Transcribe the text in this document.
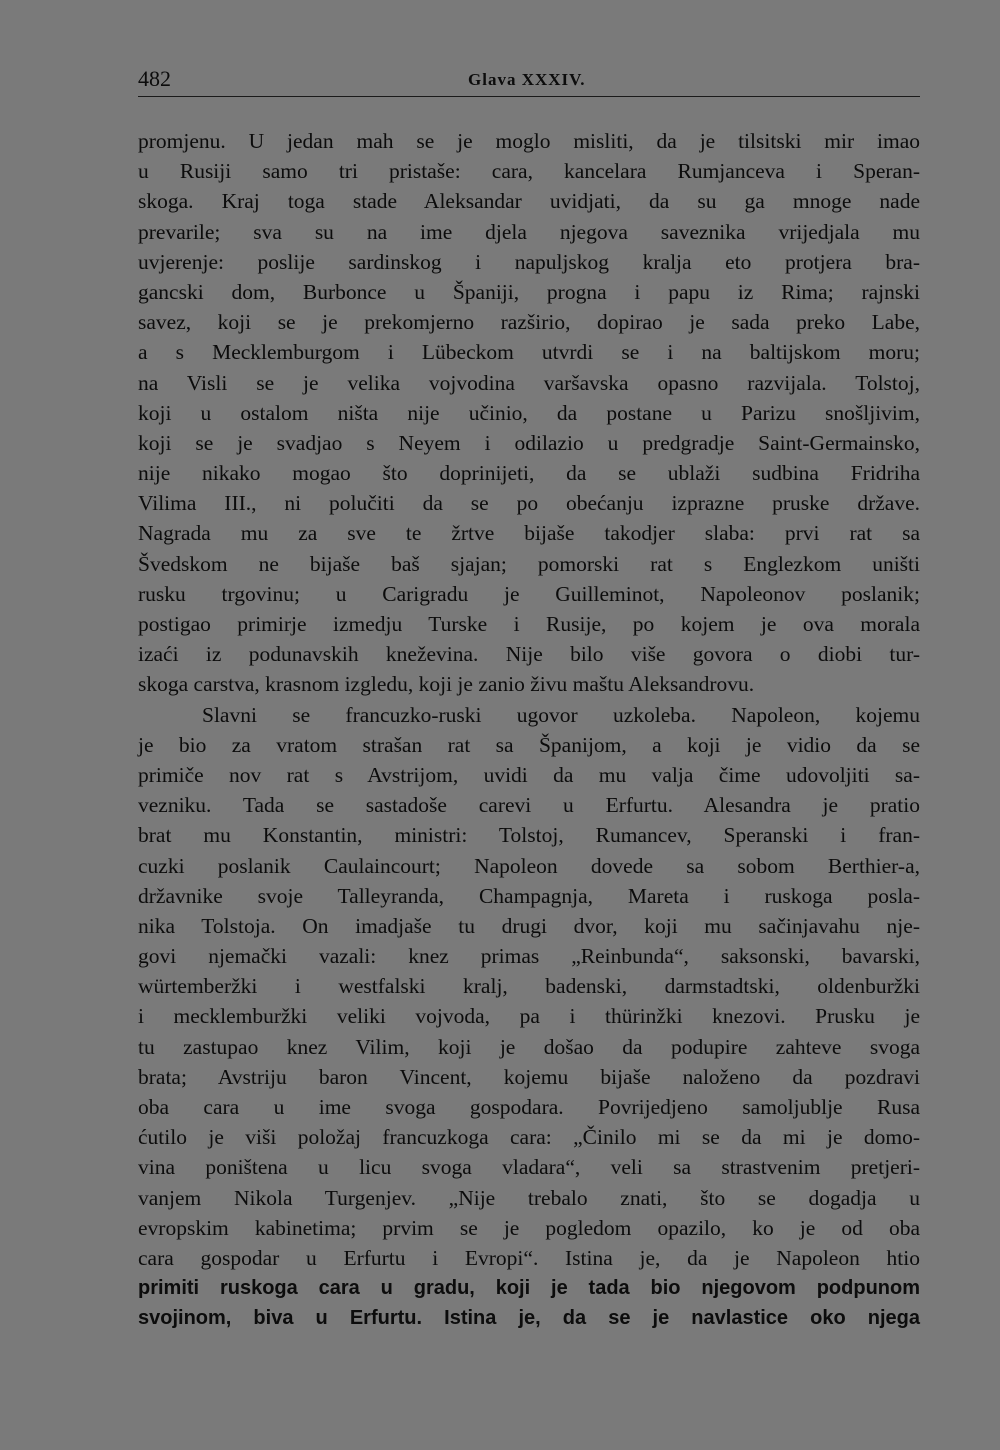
482	Glava XXXIV.
promjenu. U jedan mah se je moglo misliti, da je tilsitski mir imao
u Rusiji samo tri pristaše: cara, kancelara Rumjanceva i Speran-
skoga. Kraj toga stade Aleksandar uvidjati, da su ga mnoge nade
prevarile; sva su na ime djela njegova saveznika vrijedjala mu
uvjerenje: poslije sardinskog i napuljskog kralja eto protjera bra-
gancski dom, Burbonce u Španiji, progna i papu iz Rima; rajnski
savez, koji se je prekomjerno razširio, dopirao je sada preko Labe,
a s Mecklemburgom i Lübeckom utvrdi se i na baltijskom moru;
na Visli se je velika vojvodina varšavska opasno razvijala. Tolstoj,
koji u ostalom ništa nije učinio, da postane u Parizu snošljivim,
koji se je svadjao s Neyem i odilazio u predgradje Saint-Germainsko,
nije nikako mogao što doprinijeti, da se ublaži sudbina Fridriha
Vilima III., ni polučiti da se po obećanju izprazne pruske države.
Nagrada mu za sve te žrtve bijaše takodjer slaba: prvi rat sa
Švedskom ne bijaše baš sjajan; pomorski rat s Englezkom uništi
rusku trgovinu; u Carigradu je Guilleminot, Napoleonov poslanik;
postigao primirje izmedju Turske i Rusije, po kojem je ova morala
izaći iz podunavskih kneževina. Nije bilo više govora o diobi tur-
skoga carstva, krasnom izgledu, koji je zanio živu maštu Aleksandrovu.
Slavni se francuzko-ruski ugovor uzkoleba. Napoleon, kojemu
je bio za vratom strašan rat sa Španijom, a koji je vidio da se
primiče nov rat s Avstrijom, uvidi da mu valja čime udovoljiti sa-
vezniku. Tada se sastadoše carevi u Erfurtu. Alesandra je pratio
brat mu Konstantin, ministri: Tolstoj, Rumancev, Speranski i fran-
cuzki poslanik Caulaincourt; Napoleon dovede sa sobom Berthier-a,
državnike svoje Talleyranda, Champagnja, Mareta i ruskoga posla-
nika Tolstoja. On imadjaše tu drugi dvor, koji mu sačinjavahu nje-
govi njemački vazali: knez primas „Reinbunda“, saksonski, bavarski,
würtemberžki i westfalski kralj, badenski, darmstadtski, oldenburžki
i mecklemburžki veliki vojvoda, pa i thürinžki knezovi. Prusku je
tu zastupao knez Vilim, koji je došao da podupire zahteve svoga
brata; Avstriju baron Vincent, kojemu bijaše naloženo da pozdravi
oba cara u ime svoga gospodara. Povrijedjeno samoljublje Rusa
ćutilo je viši položaj francuzkoga cara: „Činilo mi se da mi je domo-
vina poništena u licu svoga vladara“, veli sa strastvenim pretjeri-
vanjem Nikola Turgenjev. „Nije trebalo znati, što se dogadja u
evropskim kabinetima; prvim se je pogledom opazilo, ko je od oba
cara gospodar u Erfurtu i Evropi“. Istina je, da je Napoleon htio
primiti ruskoga cara u gradu, koji je tada bio njegovom podpunom
svojinom, biva u Erfurtu. Istina je, da se je navlastice oko njega
